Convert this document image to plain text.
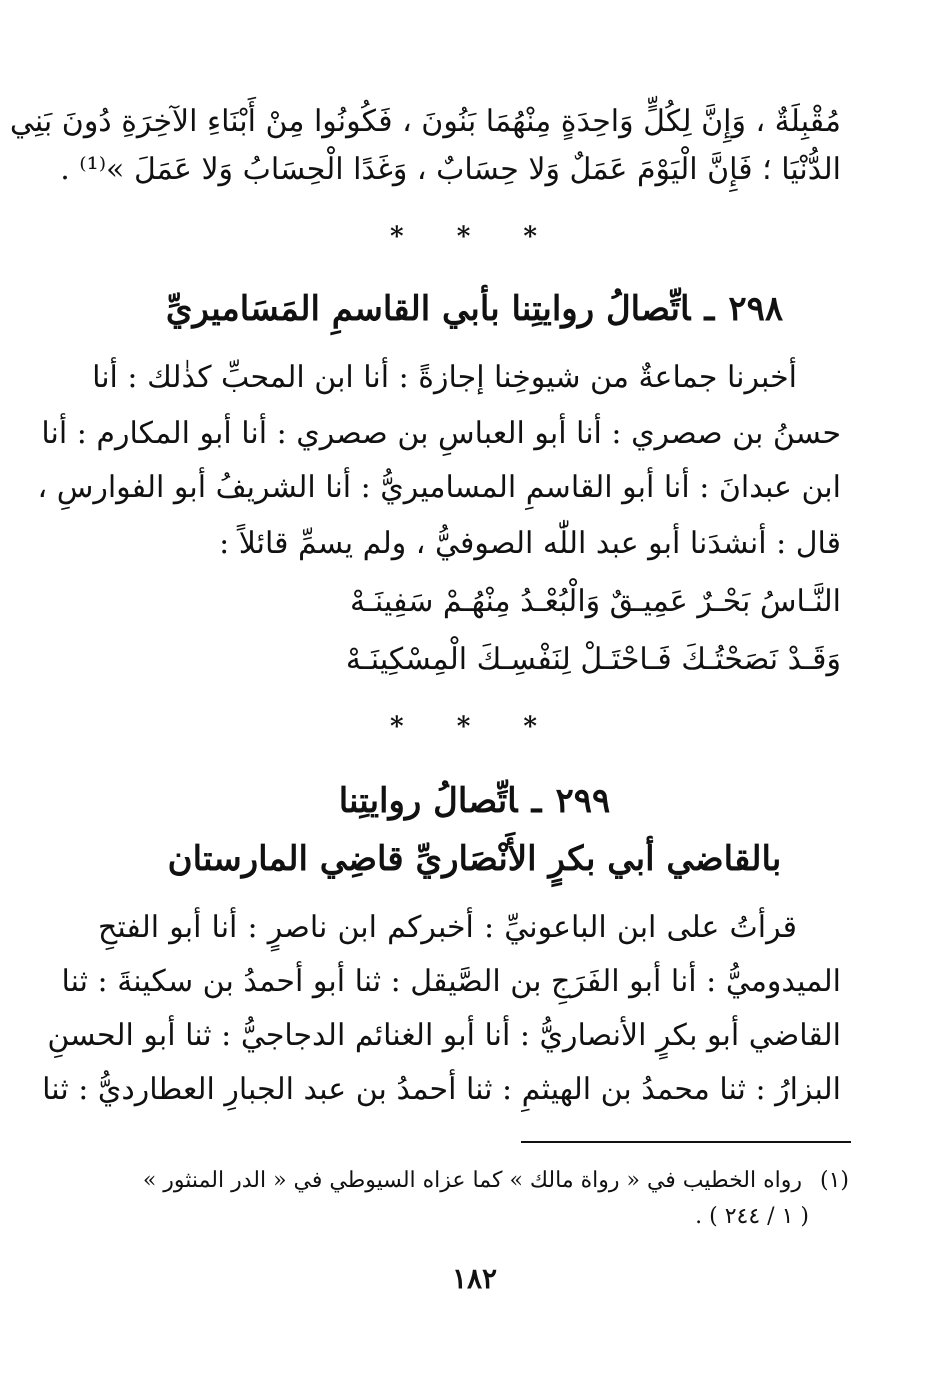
مُقْبِلَةٌ ، وَإِنَّ لِكُلٍّ وَاحِدَةٍ مِنْهُمَا بَنُونَ ، فَكُونُوا مِنْ أَبْنَاءِ الآخِرَةِ دُونَ بَنِي
الدُّنْيَا ؛ فَإِنَّ الْيَوْمَ عَمَلٌ وَلا حِسَابٌ ، وَغَدًا الْحِسَابُ وَلا عَمَلَ »⁽¹⁾ .
* * *
٢٩٨ـاتِّصالُ روايتِنا بأبي القاسمِ المَسَاميريِّ
أخبرنا جماعةٌ من شيوخِنا إجازةً : أنا ابن المحبِّ كذٰلك : أنا
حسنُ بن صصري : أنا أبو العباسِ بن صصري : أنا أبو المكارم : أنا
ابن عبدانَ : أنا أبو القاسمِ المساميريُّ : أنا الشريفُ أبو الفوارسِ ،
قال : أنشدَنا أبو عبد اللّٰه الصوفيُّ ، ولم يسمِّ قائلاً :
النَّـاسُ بَحْـرٌ عَمِيـقٌ وَالْبُعْـدُ مِنْهُـمْ سَفِينَـهْ
وَقَـدْ نَصَحْتُـكَ فَـاحْتَـلْ لِنَفْسِـكَ الْمِسْكِينَـهْ
* * *
٢٩٩ـاتِّصالُ روايتِنا
بالقاضي أبي بكرٍ الأَنْصَاريِّ قاضِي المارستان
قرأتُ على ابن الباعونيِّ : أخبركم ابن ناصرٍ : أنا أبو الفتحِ
الميدوميُّ : أنا أبو الفَرَجِ بن الصَّيقل : ثنا أبو أحمدُ بن سكينةَ : ثنا
القاضي أبو بكرٍ الأنصاريُّ : أنا أبو الغنائم الدجاجيُّ : ثنا أبو الحسنِ
البزارُ : ثنا محمدُ بن الهيثمِ : ثنا أحمدُ بن عبد الجبارِ العطارديُّ : ثنا
(١)رواه الخطيب في « رواة مالك » كما عزاه السيوطي في « الدر المنثور »
( ١ / ٢٤٤ ) .
١٨٢
